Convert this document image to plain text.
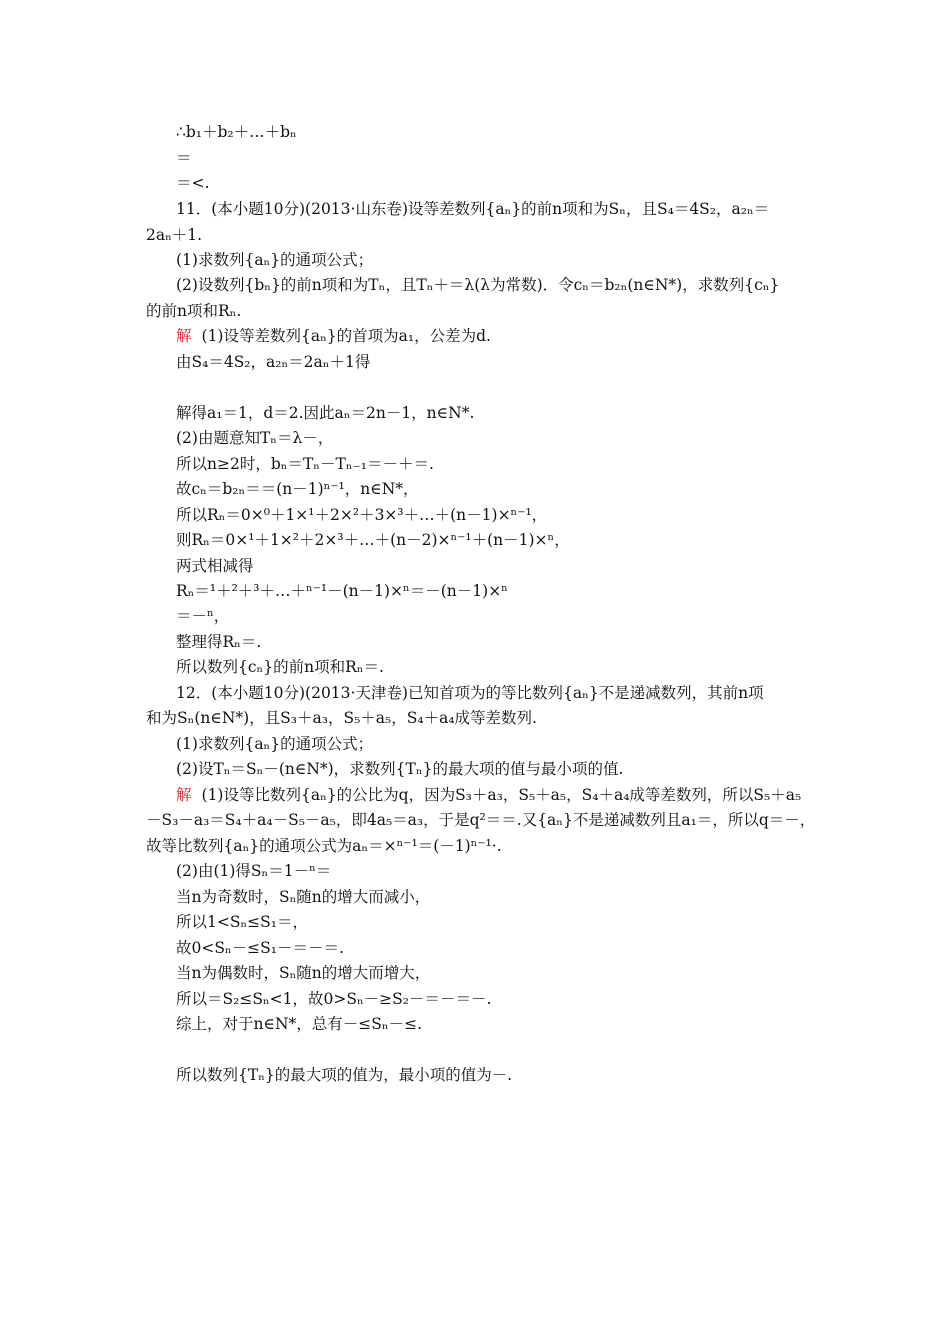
∴b₁＋b₂＋…＋bₙ
＝
＝<.
11．(本小题10分)(2013·山东卷)设等差数列{aₙ}的前n项和为Sₙ，且S₄＝4S₂，a₂ₙ＝
2aₙ＋1.
(1)求数列{aₙ}的通项公式；
(2)设数列{bₙ}的前n项和为Tₙ，且Tₙ＋＝λ(λ为常数)．令cₙ＝b₂ₙ(n∈N*)，求数列{cₙ}
的前n项和Rₙ.
解 (1)设等差数列{aₙ}的首项为a₁，公差为d.
由S₄＝4S₂，a₂ₙ＝2aₙ＋1得
解得a₁＝1，d＝2.因此aₙ＝2n－1，n∈N*.
(2)由题意知Tₙ＝λ－，
所以n≥2时，bₙ＝Tₙ－Tₙ₋₁＝－＋＝.
故cₙ＝b₂ₙ＝＝(n－1)ⁿ⁻¹，n∈N*，
所以Rₙ＝0×⁰＋1×¹＋2×²＋3×³＋…＋(n－1)×ⁿ⁻¹，
则Rₙ＝0×¹＋1×²＋2×³＋…＋(n－2)×ⁿ⁻¹＋(n－1)×ⁿ，
两式相减得
Rₙ＝¹＋²＋³＋…＋ⁿ⁻¹－(n－1)×ⁿ＝－(n－1)×ⁿ
＝－ⁿ，
整理得Rₙ＝.
所以数列{cₙ}的前n项和Rₙ＝.
12．(本小题10分)(2013·天津卷)已知首项为的等比数列{aₙ}不是递减数列，其前n项
和为Sₙ(n∈N*)，且S₃＋a₃，S₅＋a₅，S₄＋a₄成等差数列.
(1)求数列{aₙ}的通项公式；
(2)设Tₙ＝Sₙ－(n∈N*)，求数列{Tₙ}的最大项的值与最小项的值.
解 (1)设等比数列{aₙ}的公比为q，因为S₃＋a₃，S₅＋a₅，S₄＋a₄成等差数列，所以S₅＋a₅
－S₃－a₃＝S₄＋a₄－S₅－a₅，即4a₅＝a₃，于是q²＝＝.又{aₙ}不是递减数列且a₁＝，所以q＝－，
故等比数列{aₙ}的通项公式为aₙ＝×ⁿ⁻¹＝(－1)ⁿ⁻¹·.
(2)由(1)得Sₙ＝1－ⁿ＝
当n为奇数时，Sₙ随n的增大而减小，
所以1<Sₙ≤S₁＝，
故0<Sₙ－≤S₁－＝－＝.
当n为偶数时，Sₙ随n的增大而增大，
所以＝S₂≤Sₙ<1，故0>Sₙ－≥S₂－＝－＝－.
综上，对于n∈N*，总有－≤Sₙ－≤.
所以数列{Tₙ}的最大项的值为，最小项的值为－.
